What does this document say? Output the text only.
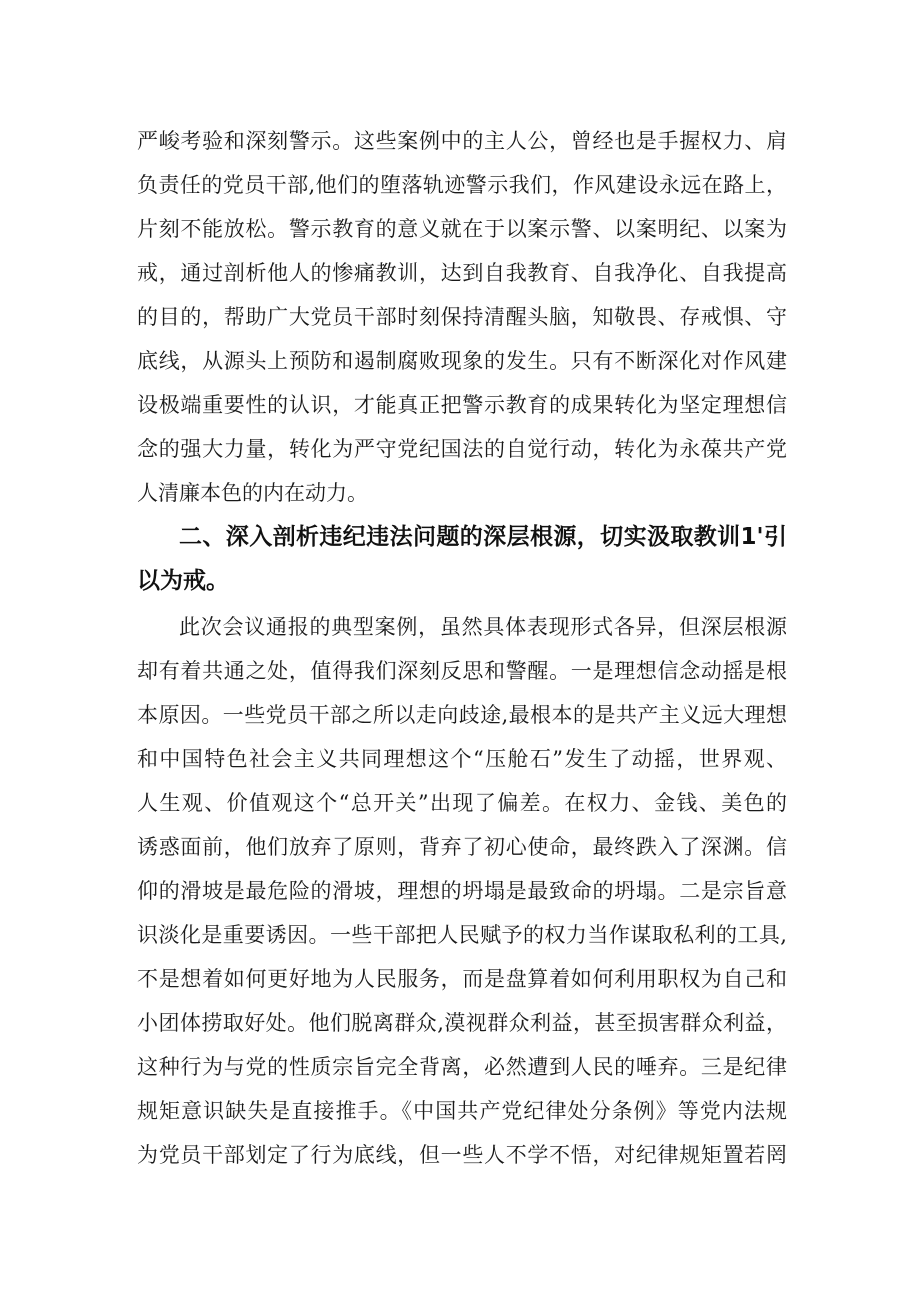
严峻考验和深刻警示。这些案例中的主人公，曾经也是手握权力、肩
负责任的党员干部,他们的堕落轨迹警示我们，作风建设永远在路上，
片刻不能放松。警示教育的意义就在于以案示警、以案明纪、以案为
戒，通过剖析他人的惨痛教训，达到自我教育、自我净化、自我提高
的目的，帮助广大党员干部时刻保持清醒头脑，知敬畏、存戒惧、守
底线，从源头上预防和遏制腐败现象的发生。只有不断深化对作风建
设极端重要性的认识，才能真正把警示教育的成果转化为坚定理想信
念的强大力量，转化为严守党纪国法的自觉行动，转化为永葆共产党
人清廉本色的内在动力。
二、深入剖析违纪违法问题的深层根源，切实汲取教训1'引
以为戒。
此次会议通报的典型案例，虽然具体表现形式各异，但深层根源
却有着共通之处，值得我们深刻反思和警醒。一是理想信念动摇是根
本原因。一些党员干部之所以走向歧途,最根本的是共产主义远大理想
和中国特色社会主义共同理想这个“压舱石”发生了动摇，世界观、
人生观、价值观这个“总开关”出现了偏差。在权力、金钱、美色的
诱惑面前，他们放弃了原则，背弃了初心使命，最终跌入了深渊。信
仰的滑坡是最危险的滑坡，理想的坍塌是最致命的坍塌。二是宗旨意
识淡化是重要诱因。一些干部把人民赋予的权力当作谋取私利的工具,
不是想着如何更好地为人民服务，而是盘算着如何利用职权为自己和
小团体捞取好处。他们脱离群众,漠视群众利益，甚至损害群众利益，
这种行为与党的性质宗旨完全背离，必然遭到人民的唾弃。三是纪律
规矩意识缺失是直接推手。《中国共产党纪律处分条例》等党内法规
为党员干部划定了行为底线，但一些人不学不悟，对纪律规矩置若罔
